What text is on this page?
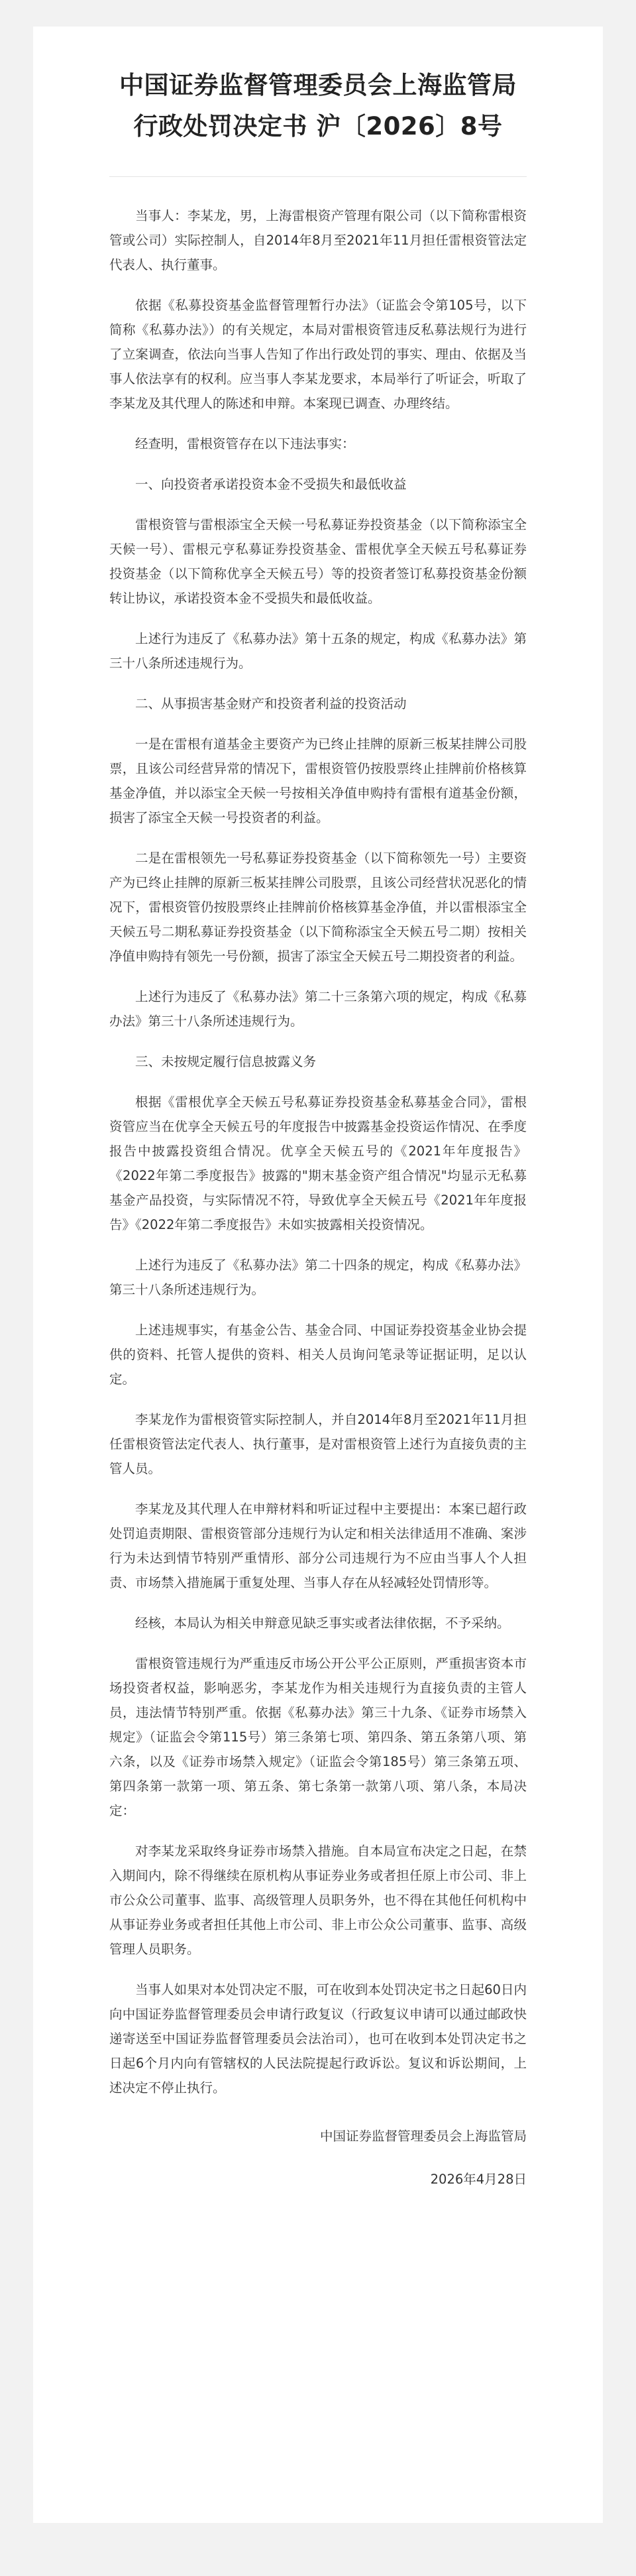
中国证券监督管理委员会上海监管局
行政处罚决定书 沪〔2026〕8号

当事人：李某龙，男，上海雷根资产管理有限公司（以下简称雷根资管或公司）实际控制人，自2014年8月至2021年11月担任雷根资管法定代表人、执行董事。

依据《私募投资基金监督管理暂行办法》（证监会令第105号，以下简称《私募办法》）的有关规定，本局对雷根资管违反私募法规行为进行了立案调查，依法向当事人告知了作出行政处罚的事实、理由、依据及当事人依法享有的权利。应当事人李某龙要求，本局举行了听证会，听取了李某龙及其代理人的陈述和申辩。本案现已调查、办理终结。

经查明，雷根资管存在以下违法事实：

一、向投资者承诺投资本金不受损失和最低收益

雷根资管与雷根添宝全天候一号私募证券投资基金（以下简称添宝全天候一号）、雷根元亨私募证券投资基金、雷根优享全天候五号私募证券投资基金（以下简称优享全天候五号）等的投资者签订私募投资基金份额转让协议，承诺投资本金不受损失和最低收益。

上述行为违反了《私募办法》第十五条的规定，构成《私募办法》第三十八条所述违规行为。

二、从事损害基金财产和投资者利益的投资活动

一是在雷根有道基金主要资产为已终止挂牌的原新三板某挂牌公司股票，且该公司经营异常的情况下，雷根资管仍按股票终止挂牌前价格核算基金净值，并以添宝全天候一号按相关净值申购持有雷根有道基金份额，损害了添宝全天候一号投资者的利益。

二是在雷根领先一号私募证券投资基金（以下简称领先一号）主要资产为已终止挂牌的原新三板某挂牌公司股票，且该公司经营状况恶化的情况下，雷根资管仍按股票终止挂牌前价格核算基金净值，并以雷根添宝全天候五号二期私募证券投资基金（以下简称添宝全天候五号二期）按相关净值申购持有领先一号份额，损害了添宝全天候五号二期投资者的利益。

上述行为违反了《私募办法》第二十三条第六项的规定，构成《私募办法》第三十八条所述违规行为。

三、未按规定履行信息披露义务

根据《雷根优享全天候五号私募证券投资基金私募基金合同》，雷根资管应当在优享全天候五号的年度报告中披露基金投资运作情况、在季度报告中披露投资组合情况。优享全天候五号的《2021年年度报告》《2022年第二季度报告》披露的"期末基金资产组合情况"均显示无私募基金产品投资，与实际情况不符，导致优享全天候五号《2021年年度报告》《2022年第二季度报告》未如实披露相关投资情况。

上述行为违反了《私募办法》第二十四条的规定，构成《私募办法》第三十八条所述违规行为。

上述违规事实，有基金公告、基金合同、中国证券投资基金业协会提供的资料、托管人提供的资料、相关人员询问笔录等证据证明，足以认定。

李某龙作为雷根资管实际控制人，并自2014年8月至2021年11月担任雷根资管法定代表人、执行董事，是对雷根资管上述行为直接负责的主管人员。

李某龙及其代理人在申辩材料和听证过程中主要提出：本案已超行政处罚追责期限、雷根资管部分违规行为认定和相关法律适用不准确、案涉行为未达到情节特别严重情形、部分公司违规行为不应由当事人个人担责、市场禁入措施属于重复处理、当事人存在从轻减轻处罚情形等。

经核，本局认为相关申辩意见缺乏事实或者法律依据，不予采纳。

雷根资管违规行为严重违反市场公开公平公正原则，严重损害资本市场投资者权益，影响恶劣，李某龙作为相关违规行为直接负责的主管人员，违法情节特别严重。依据《私募办法》第三十九条、《证券市场禁入规定》（证监会令第115号）第三条第七项、第四条、第五条第八项、第六条，以及《证券市场禁入规定》（证监会令第185号）第三条第五项、第四条第一款第一项、第五条、第七条第一款第八项、第八条，本局决定：

对李某龙采取终身证券市场禁入措施。自本局宣布决定之日起，在禁入期间内，除不得继续在原机构从事证券业务或者担任原上市公司、非上市公众公司董事、监事、高级管理人员职务外，也不得在其他任何机构中从事证券业务或者担任其他上市公司、非上市公众公司董事、监事、高级管理人员职务。

当事人如果对本处罚决定不服，可在收到本处罚决定书之日起60日内向中国证券监督管理委员会申请行政复议（行政复议申请可以通过邮政快递寄送至中国证券监督管理委员会法治司），也可在收到本处罚决定书之日起6个月内向有管辖权的人民法院提起行政诉讼。复议和诉讼期间，上述决定不停止执行。

中国证券监督管理委员会上海监管局
2026年4月28日
